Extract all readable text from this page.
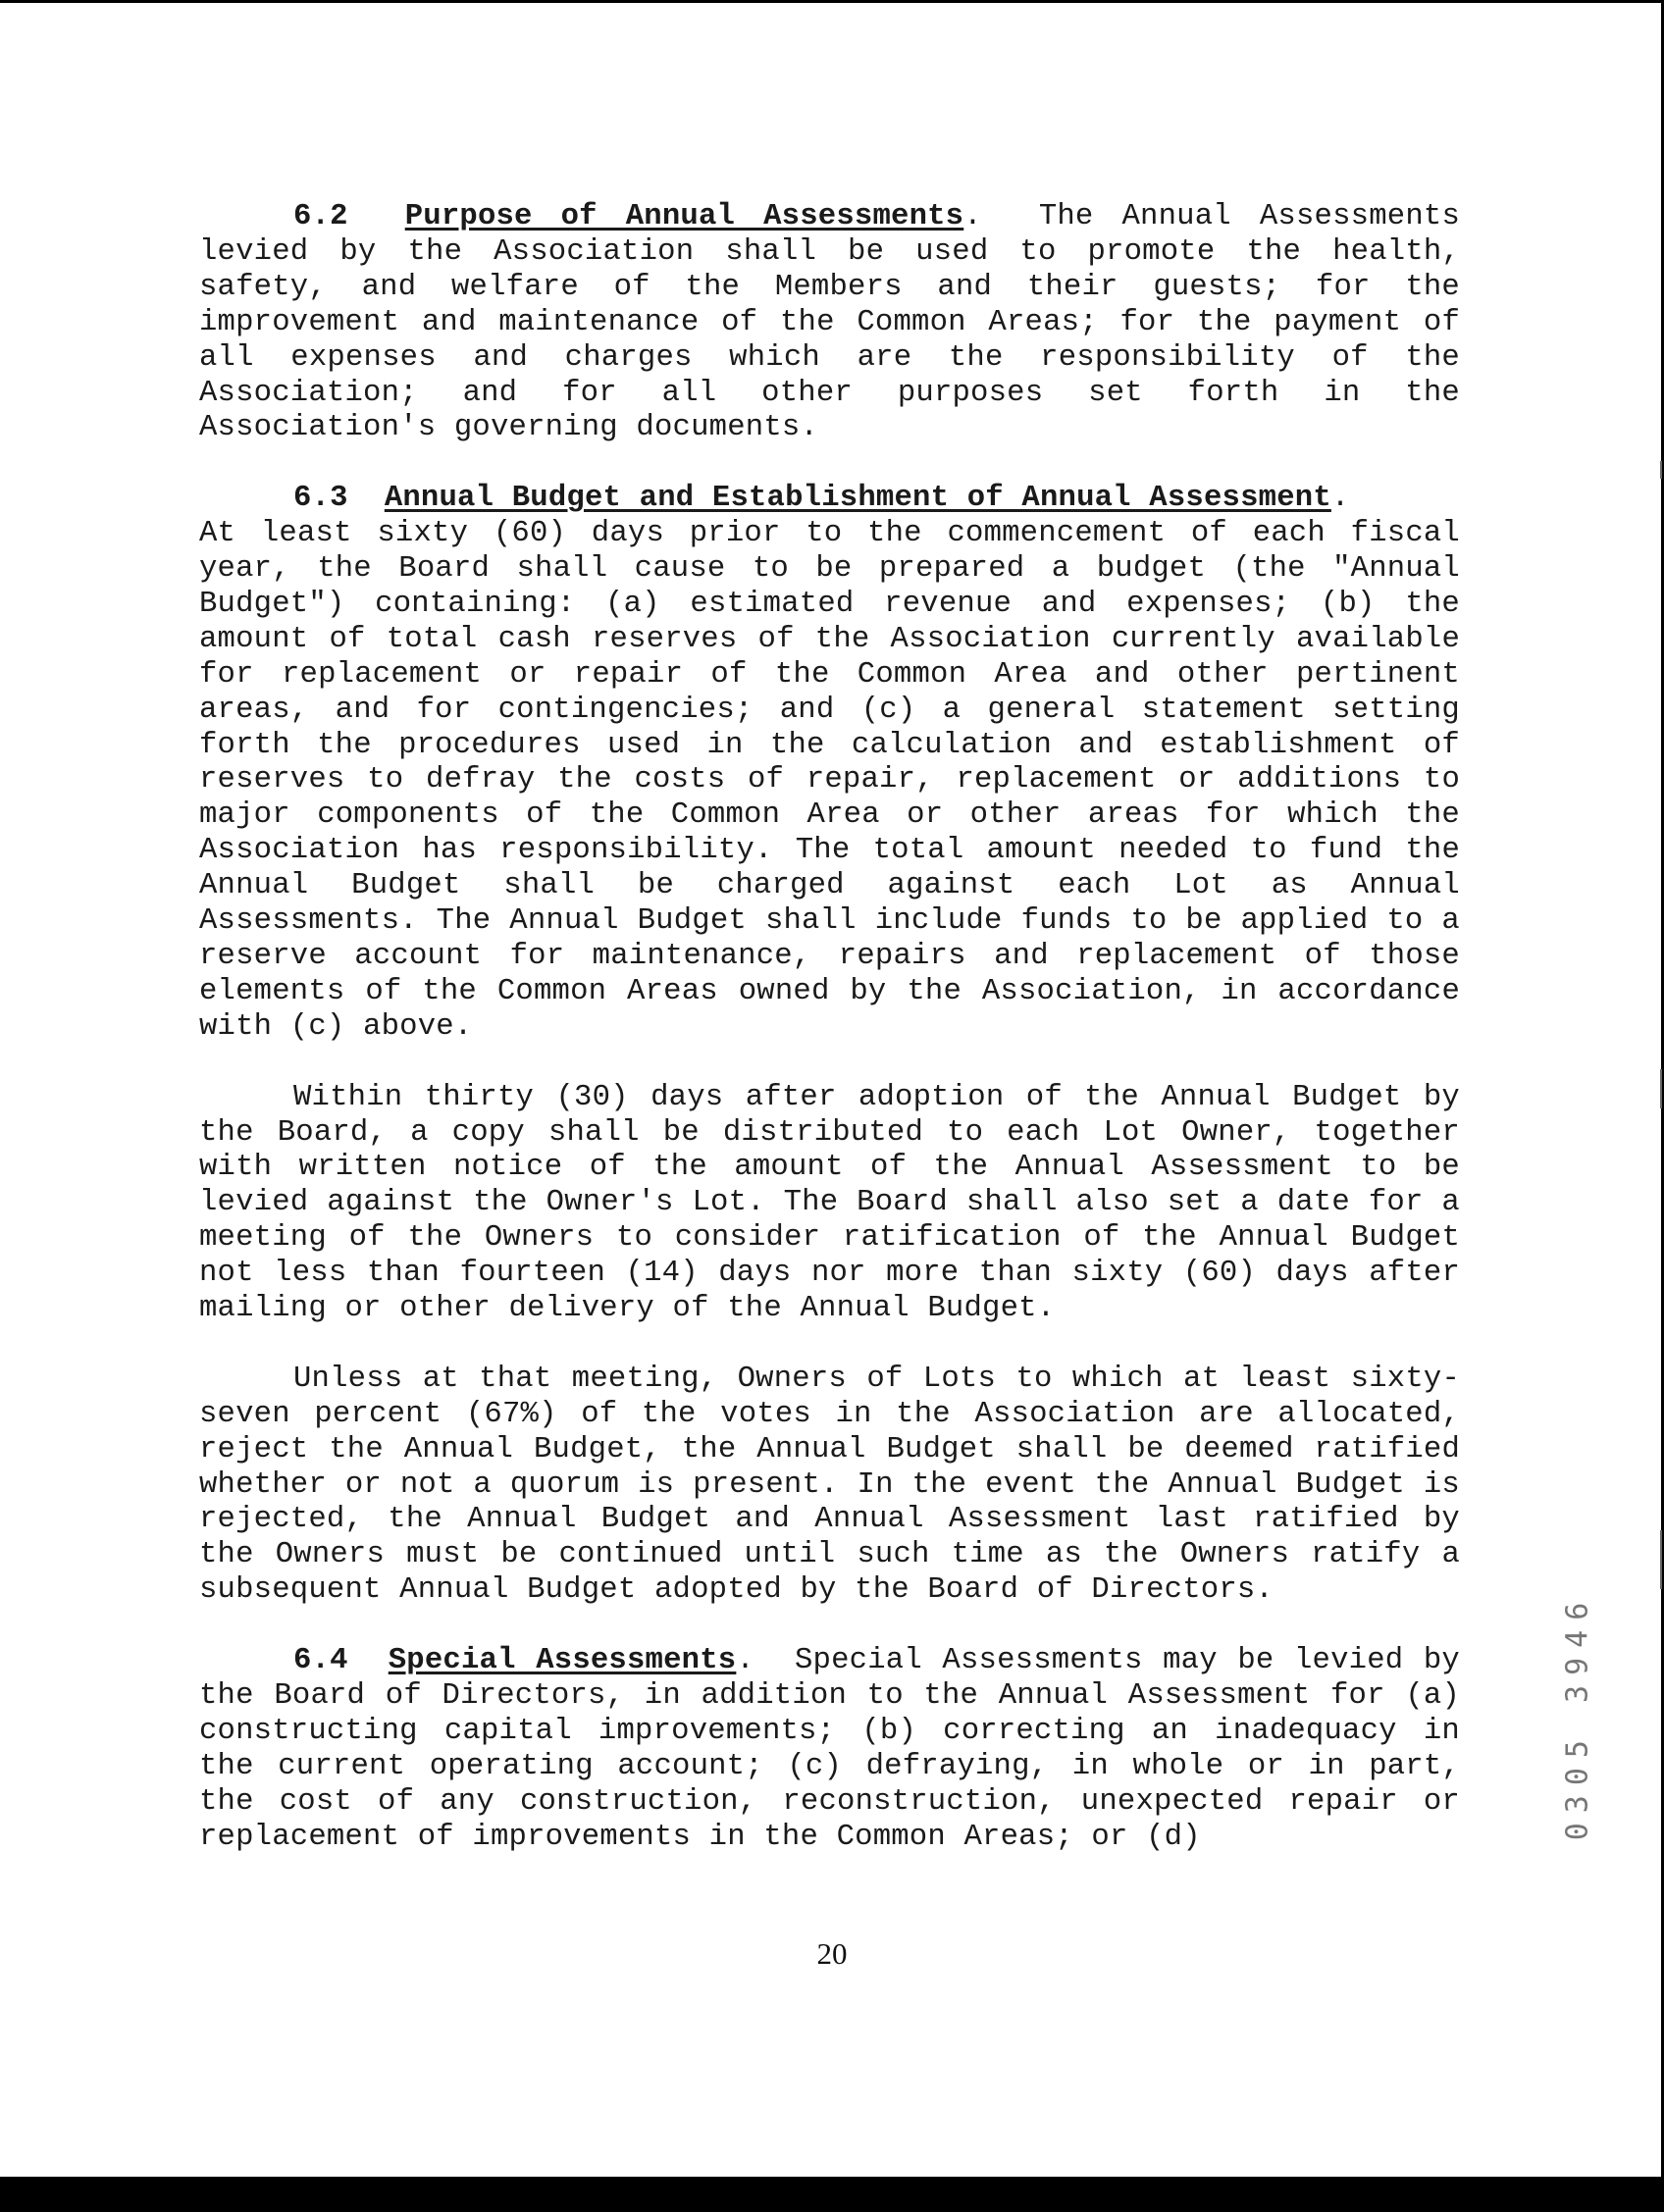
6.2 Purpose of Annual Assessments.  The Annual Assessments levied by the Association shall be used to promote the health, safety, and welfare of the Members and their guests; for the improvement and maintenance of the Common Areas; for the payment of all expenses and charges which are the responsibility of the Association; and for all other purposes set forth in the Association's governing documents.

6.3 Annual Budget and Establishment of Annual Assessment.
At least sixty (60) days prior to the commencement of each fiscal year, the Board shall cause to be prepared a budget (the "Annual Budget") containing: (a) estimated revenue and expenses; (b) the amount of total cash reserves of the Association currently available for replacement or repair of the Common Area and other pertinent areas, and for contingencies; and (c) a general statement setting forth the procedures used in the calculation and establishment of reserves to defray the costs of repair, replacement or additions to major components of the Common Area or other areas for which the Association has responsibility. The total amount needed to fund the Annual Budget shall be charged against each Lot as Annual Assessments. The Annual Budget shall include funds to be applied to a reserve account for maintenance, repairs and replacement of those elements of the Common Areas owned by the Association, in accordance with (c) above.

Within thirty (30) days after adoption of the Annual Budget by the Board, a copy shall be distributed to each Lot Owner, together with written notice of the amount of the Annual Assessment to be levied against the Owner's Lot. The Board shall also set a date for a meeting of the Owners to consider ratification of the Annual Budget not less than fourteen (14) days nor more than sixty (60) days after mailing or other delivery of the Annual Budget.

Unless at that meeting, Owners of Lots to which at least sixty-seven percent (67%) of the votes in the Association are allocated, reject the Annual Budget, the Annual Budget shall be deemed ratified whether or not a quorum is present. In the event the Annual Budget is rejected, the Annual Budget and Annual Assessment last ratified by the Owners must be continued until such time as the Owners ratify a subsequent Annual Budget adopted by the Board of Directors.

6.4 Special Assessments.  Special Assessments may be levied by the Board of Directors, in addition to the Annual Assessment for (a) constructing capital improvements; (b) correcting an inadequacy in the current operating account; (c) defraying, in whole or in part, the cost of any construction, reconstruction, unexpected repair or replacement of improvements in the Common Areas; or (d)

20
0305 3946
